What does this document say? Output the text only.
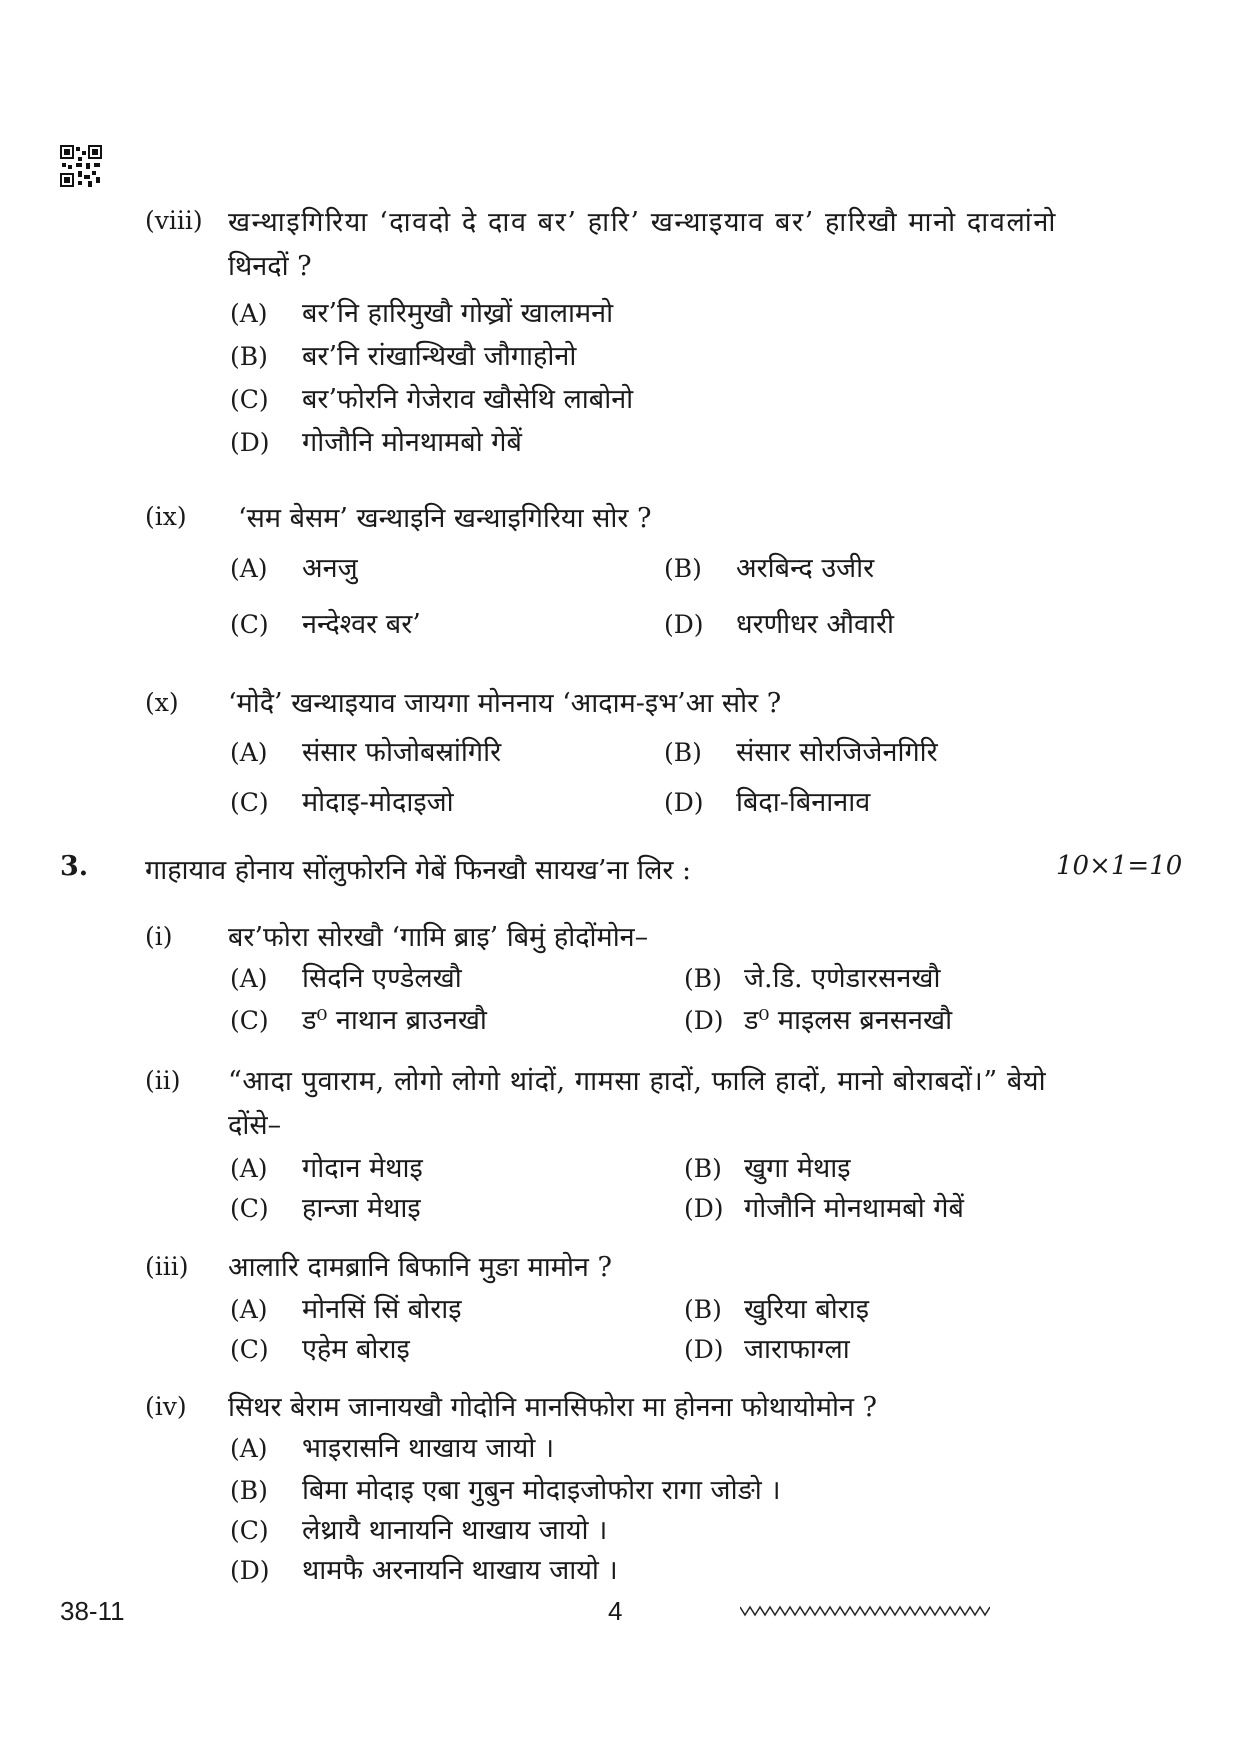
(viii) खन्थाइगिरिया ‘दावदो दे दाव बर’ हारि’ खन्थाइयाव बर’ हारिखौ मानो दावलांनो
थिनदों ?
(A) बर’नि हारिमुखौ गोख्रों खालामनो
(B) बर’नि रांखान्थिखौ जौगाहोनो
(C) बर’फोरनि गेजेराव खौसेथि लाबोनो
(D) गोजौनि मोनथामबो गेबें
(ix) ‘सम बेसम’ खन्थाइनि खन्थाइगिरिया सोर ?
(A) अनजु	(B) अरबिन्द उजीर
(C) नन्देश्वर बर’	(D) धरणीधर औवारी
(x) ‘मोदै’ खन्थाइयाव जायगा मोननाय ‘आदाम-इभ’आ सोर ?
(A) संसार फोजोबस्रांगिरि	(B) संसार सोरजिजेनगिरि
(C) मोदाइ-मोदाइजो	(D) बिदा-बिनानाव
3. गाहायाव होनाय सोंलुफोरनि गेबें फिनखौ सायख’ना लिर :	10×1=10
(i) बर’फोरा सोरखौ ‘गामि ब्राइ’ बिमुं होदोंमोन–
(A) सिदनि एण्डेलखौ	(B) जे.डि. एणेडारसनखौ
(C) ड⁰ नाथान ब्राउनखौ	(D) ड⁰ माइलस ब्रनसनखौ
(ii) “आदा पुवाराम, लोगो लोगो थांदों, गामसा हादों, फालि हादों, मानो बोराबदों।” बेयो
दोंसे–
(A) गोदान मेथाइ	(B) खुगा मेथाइ
(C) हान्जा मेथाइ	(D) गोजौनि मोनथामबो गेबें
(iii) आलारि दामब्रानि बिफानि मुङा मामोन ?
(A) मोनसिं सिं बोराइ	(B) खुरिया बोराइ
(C) एहेम बोराइ	(D) जाराफाग्ला
(iv) सिथर बेराम जानायखौ गोदोनि मानसिफोरा मा होनना फोथायोमोन ?
(A) भाइरासनि थाखाय जायो ।
(B) बिमा मोदाइ एबा गुबुन मोदाइजोफोरा रागा जोङो ।
(C) लेथ्रायै थानायनि थाखाय जायो ।
(D) थामफै अरनायनि थाखाय जायो ।
38-11	4
